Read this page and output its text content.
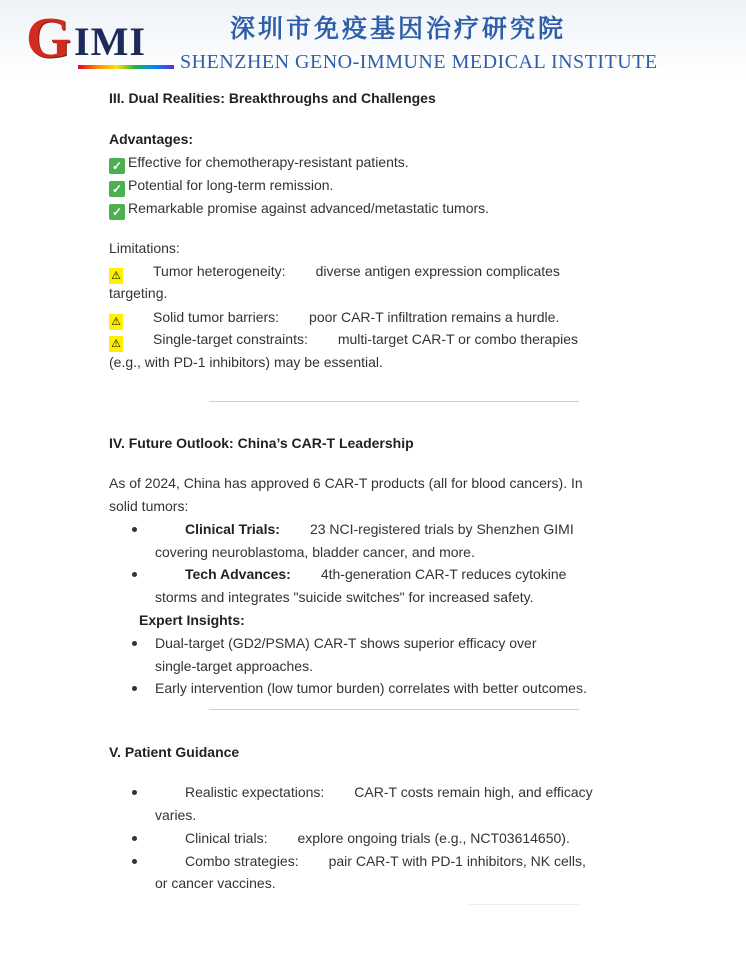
G IMI	深圳市免疫基因治疗研究院
SHENZHEN GENO-IMMUNE MEDICAL INSTITUTE
III. Dual Realities: Breakthroughs and Challenges
Advantages:
✓ Effective for chemotherapy-resistant patients.
✓ Potential for long-term remission.
✓ Remarkable promise against advanced/metastatic tumors.
Limitations:
⚠ Tumor heterogeneity: diverse antigen expression complicates
targeting.
⚠ Solid tumor barriers: poor CAR-T infiltration remains a hurdle.
⚠ Single-target constraints: multi-target CAR-T or combo therapies
(e.g., with PD-1 inhibitors) may be essential.
IV. Future Outlook: China’s CAR-T Leadership
As of 2024, China has approved 6 CAR-T products (all for blood cancers). In
solid tumors:
Clinical Trials: 23 NCI-registered trials by Shenzhen GIMI
covering neuroblastoma, bladder cancer, and more.
Tech Advances: 4th-generation CAR-T reduces cytokine
storms and integrates "suicide switches" for increased safety.
Expert Insights:
Dual-target (GD2/PSMA) CAR-T shows superior efficacy over
single-target approaches.
Early intervention (low tumor burden) correlates with better outcomes.
V. Patient Guidance
Realistic expectations: CAR-T costs remain high, and efficacy
varies.
Clinical trials: explore ongoing trials (e.g., NCT03614650).
Combo strategies: pair CAR-T with PD-1 inhibitors, NK cells,
or cancer vaccines.
